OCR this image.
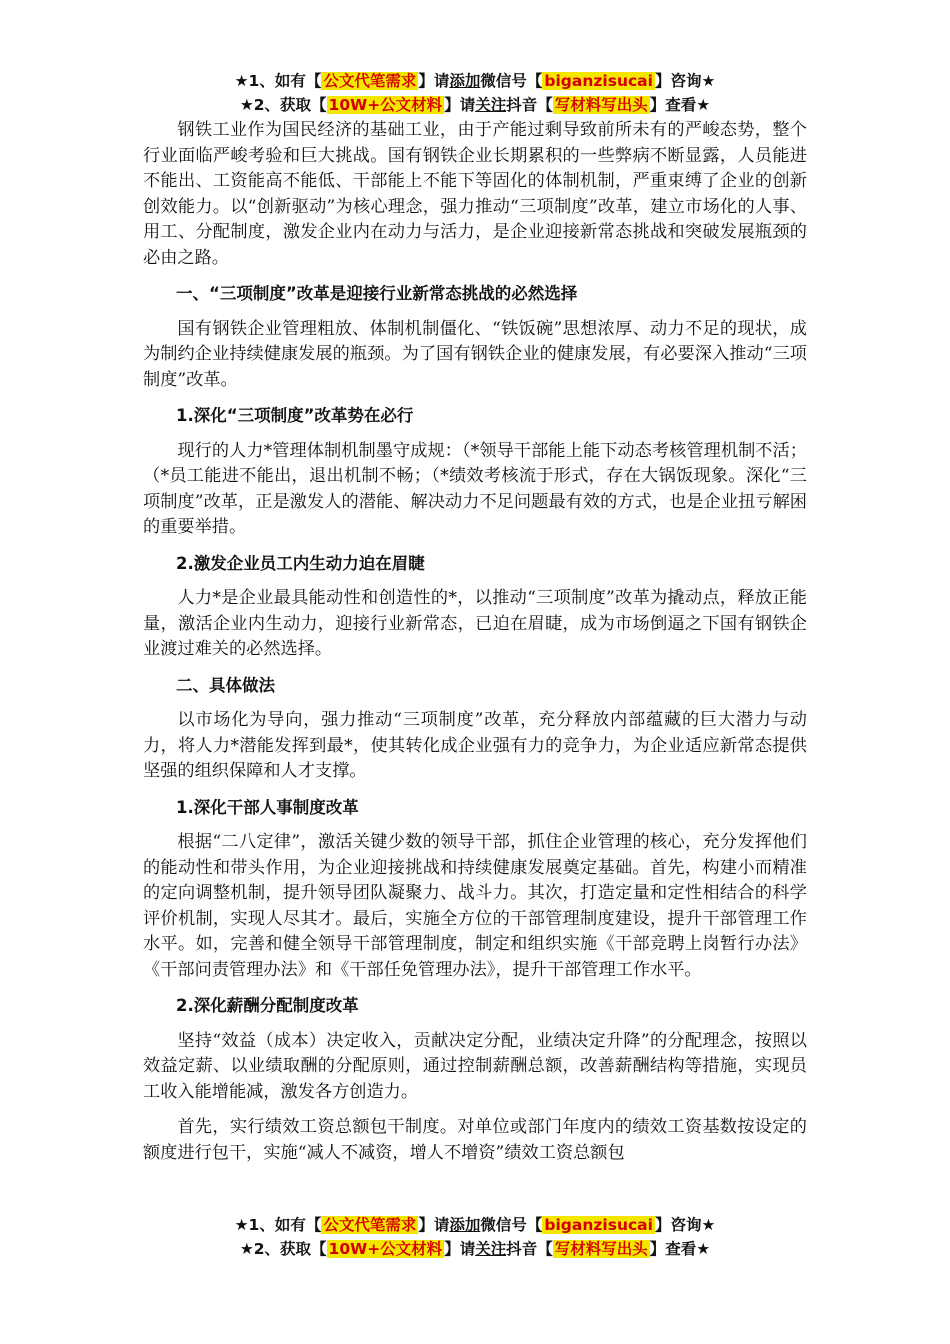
★1、如有【 公文代笔需求 】请添加微信号【 biganzisucai 】咨询★
★2、获取【 10W+公文材料 】请关注抖音【 写材料写出头 】查看★

钢铁工业作为国民经济的基础工业，由于产能过剩导致前所未有的严峻态势，整个行业面临严峻考验和巨大挑战。国有钢铁企业长期累积的一些弊病不断显露，人员能进不能出、工资能高不能低、干部能上不能下等固化的体制机制，严重束缚了企业的创新创效能力。以“创新驱动”为核心理念，强力推动“三项制度”改革，建立市场化的人事、用工、分配制度，激发企业内在动力与活力，是企业迎接新常态挑战和突破发展瓶颈的必由之路。

一、“三项制度”改革是迎接行业新常态挑战的必然选择

国有钢铁企业管理粗放、体制机制僵化、“铁饭碗”思想浓厚、动力不足的现状，成为制约企业持续健康发展的瓶颈。为了国有钢铁企业的健康发展，有必要深入推动“三项制度”改革。

1.深化“三项制度”改革势在必行

现行的人力*管理体制机制墨守成规：（*领导干部能上能下动态考核管理机制不活；（*员工能进不能出，退出机制不畅；（*绩效考核流于形式，存在大锅饭现象。深化“三项制度”改革，正是激发人的潜能、解决动力不足问题最有效的方式，也是企业扭亏解困的重要举措。

2.激发企业员工内生动力迫在眉睫

人力*是企业最具能动性和创造性的*，以推动“三项制度”改革为撬动点，释放正能量，激活企业内生动力，迎接行业新常态，已迫在眉睫，成为市场倒逼之下国有钢铁企业渡过难关的必然选择。

二、具体做法

以市场化为导向，强力推动“三项制度”改革，充分释放内部蕴藏的巨大潜力与动力，将人力*潜能发挥到最*，使其转化成企业强有力的竞争力，为企业适应新常态提供坚强的组织保障和人才支撑。

1.深化干部人事制度改革

根据“二八定律”，激活关键少数的领导干部，抓住企业管理的核心，充分发挥他们的能动性和带头作用，为企业迎接挑战和持续健康发展奠定基础。首先，构建小而精准的定向调整机制，提升领导团队凝聚力、战斗力。其次，打造定量和定性相结合的科学评价机制，实现人尽其才。最后，实施全方位的干部管理制度建设，提升干部管理工作水平。如，完善和健全领导干部管理制度，制定和组织实施《干部竞聘上岗暂行办法》《干部问责管理办法》和《干部任免管理办法》，提升干部管理工作水平。

2.深化薪酬分配制度改革

坚持“效益（成本）决定收入，贡献决定分配，业绩决定升降”的分配理念，按照以效益定薪、以业绩取酬的分配原则，通过控制薪酬总额，改善薪酬结构等措施，实现员工收入能增能减，激发各方创造力。

首先，实行绩效工资总额包干制度。对单位或部门年度内的绩效工资基数按设定的额度进行包干，实施“减人不减资，增人不增资”绩效工资总额包

★1、如有【 公文代笔需求 】请添加微信号【 biganzisucai 】咨询★
★2、获取【 10W+公文材料 】请关注抖音【 写材料写出头 】查看★
